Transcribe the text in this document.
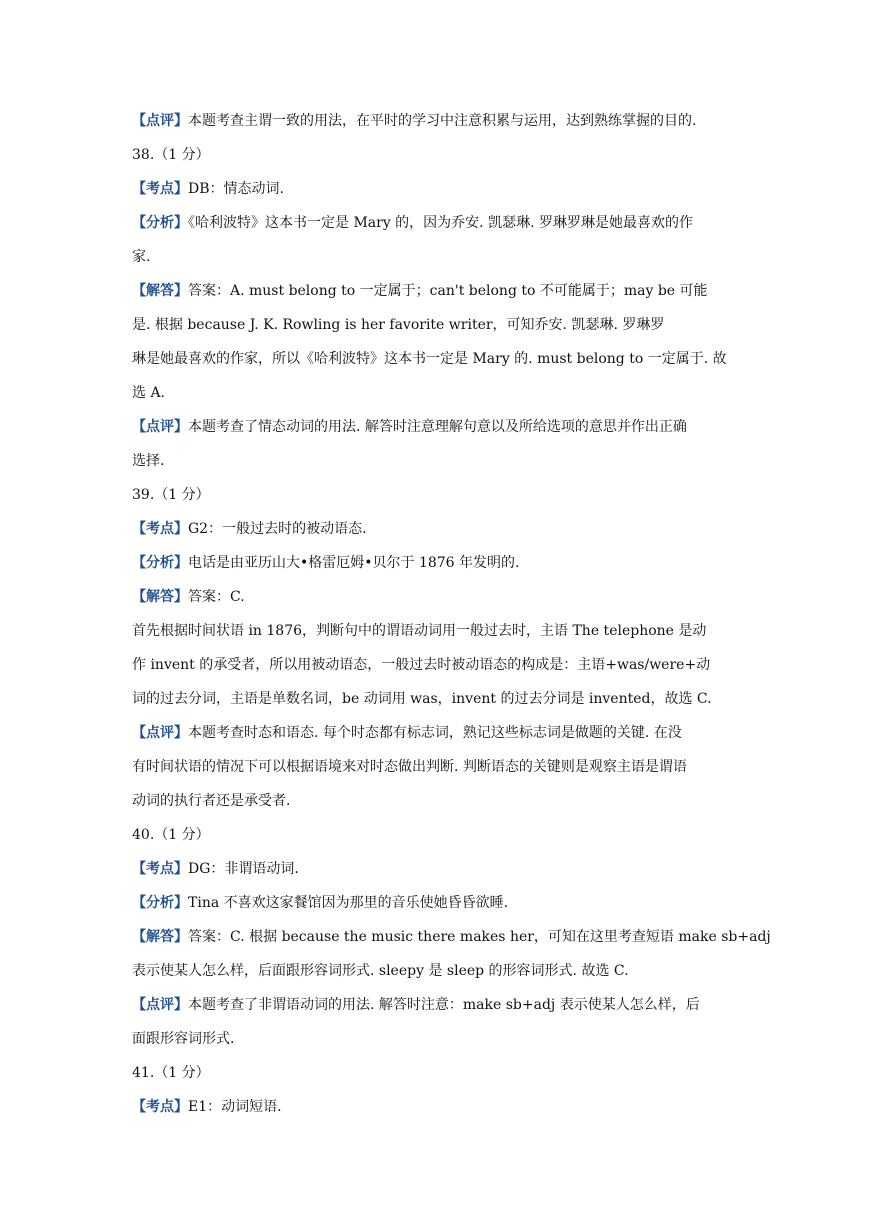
【点评】本题考查主谓一致的用法，在平时的学习中注意积累与运用，达到熟练掌握的目的.

38.（1 分）

【考点】DB：情态动词.

【分析】《哈利波特》这本书一定是 Mary 的，因为乔安. 凯瑟琳. 罗琳罗琳是她最喜欢的作

家.

【解答】答案：A. must belong to 一定属于；can't belong to 不可能属于；may be 可能

是. 根据 because J. K. Rowling is her favorite writer，可知乔安. 凯瑟琳. 罗琳罗

琳是她最喜欢的作家，所以《哈利波特》这本书一定是 Mary 的. must belong to 一定属于. 故

选 A.

【点评】本题考查了情态动词的用法. 解答时注意理解句意以及所给选项的意思并作出正确

选择.

39.（1 分）

【考点】G2：一般过去时的被动语态.

【分析】电话是由亚历山大•格雷厄姆•贝尔于 1876 年发明的.

【解答】答案：C.

首先根据时间状语 in 1876，判断句中的谓语动词用一般过去时，主语 The telephone 是动

作 invent 的承受者，所以用被动语态，一般过去时被动语态的构成是：主语+was/were+动

词的过去分词，主语是单数名词，be 动词用 was，invent 的过去分词是 invented，故选 C.

【点评】本题考查时态和语态. 每个时态都有标志词，熟记这些标志词是做题的关键. 在没

有时间状语的情况下可以根据语境来对时态做出判断. 判断语态的关键则是观察主语是谓语

动词的执行者还是承受者.

40.（1 分）

【考点】DG：非谓语动词.

【分析】Tina 不喜欢这家餐馆因为那里的音乐使她昏昏欲睡.

【解答】答案：C. 根据 because the music there makes her，可知在这里考查短语 make sb+adj

表示使某人怎么样，后面跟形容词形式. sleepy 是 sleep 的形容词形式. 故选 C.

【点评】本题考查了非谓语动词的用法. 解答时注意：make sb+adj 表示使某人怎么样，后

面跟形容词形式.

41.（1 分）

【考点】E1：动词短语.
